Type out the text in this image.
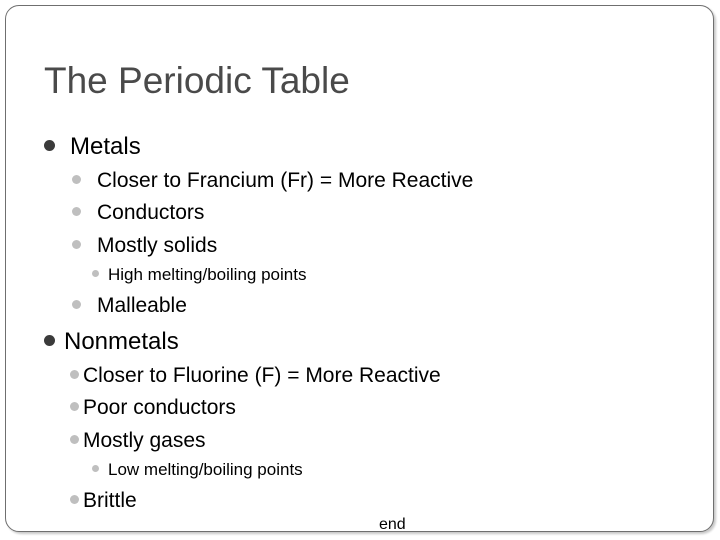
The Periodic Table
Metals
Closer to Francium (Fr) = More Reactive
Conductors
Mostly solids
High melting/boiling points
Malleable
Nonmetals
Closer to Fluorine (F) = More Reactive
Poor conductors
Mostly gases
Low melting/boiling points
Brittle
end
